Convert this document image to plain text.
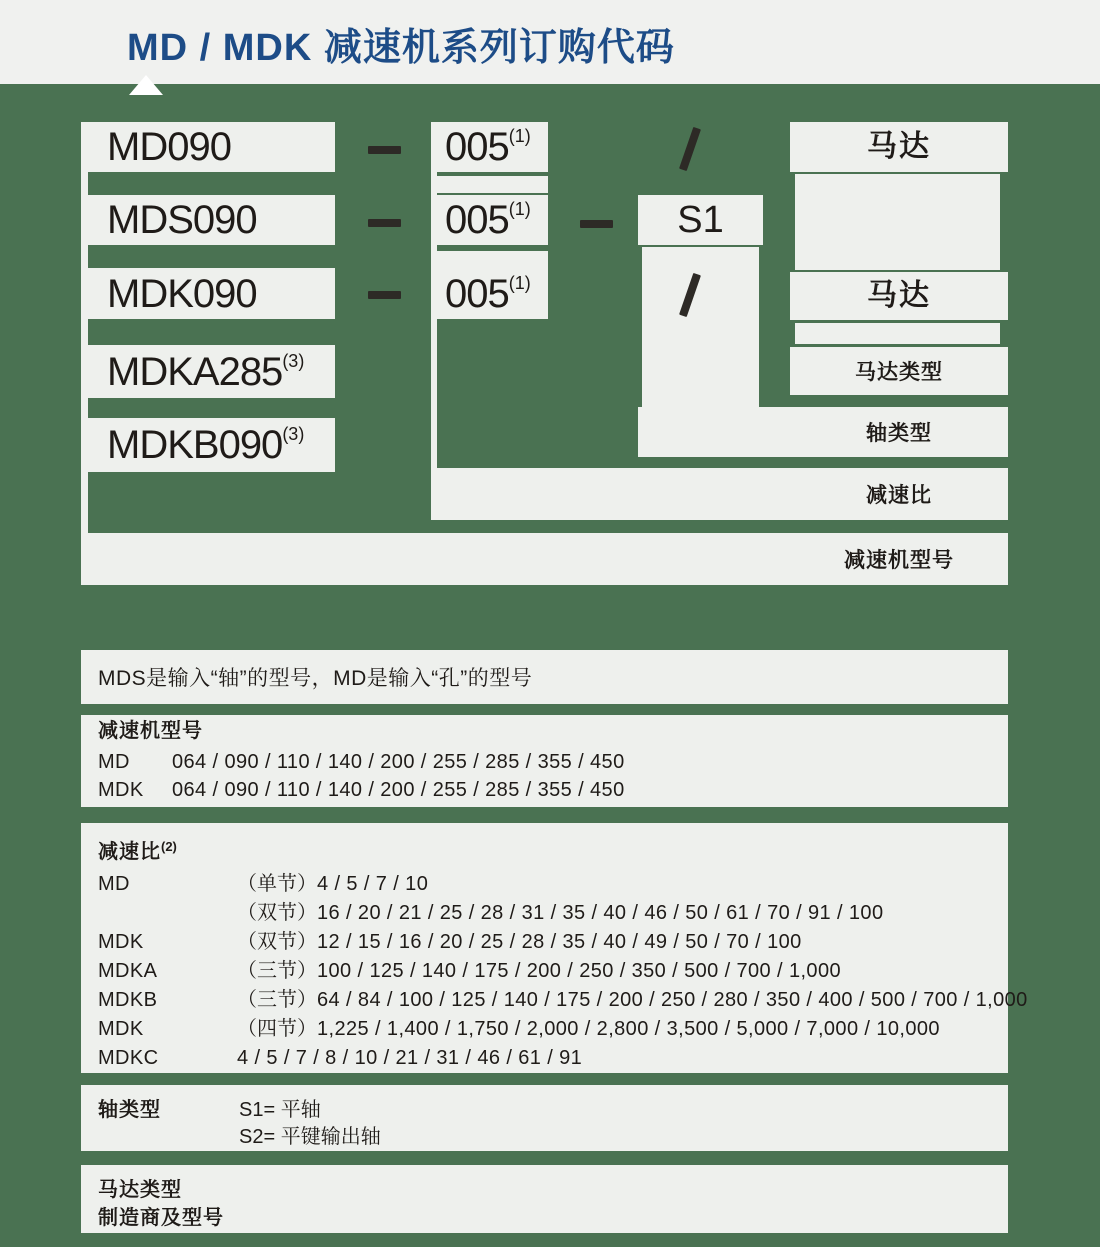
MD / MDK 减速机系列订购代码
MD090
MDS090
MDK090
MDKA285$^{(3)}$
MDKB090$^{(3)}$
005$^{(1)}$
005$^{(1)}$
005$^{(1)}$
S1
马达
马达
马达类型
轴类型
减速比
减速机型号
MDS是输入“轴”的型号，MD是输入“孔”的型号
减速机型号
MD	064 / 090 / 110 / 140 / 200 / 255 / 285 / 355 / 450
MDK	064 / 090 / 110 / 140 / 200 / 255 / 285 / 355 / 450
减速比$^{(2)}$
MD	（单节） 4 / 5 / 7 / 10
（双节） 16 / 20 / 21 / 25 / 28 / 31 / 35 / 40 / 46 / 50 / 61 / 70 / 91 / 100
MDK	（双节） 12 / 15 / 16 / 20 / 25 / 28 / 35 / 40 / 49 / 50 / 70 / 100
MDKA	（三节） 100 / 125 / 140 / 175 / 200 / 250 / 350 / 500 / 700 / 1,000
MDKB	（三节） 64 / 84 / 100 / 125 / 140 / 175 / 200 / 250 / 280 / 350 / 400 / 500 / 700 / 1,000
MDK	（四节） 1,225 / 1,400 / 1,750 / 2,000 / 2,800 / 3,500 / 5,000 / 7,000 / 10,000
MDKC	4 / 5 / 7 / 8 / 10 / 21 / 31 / 46 / 61 / 91
轴类型	S1= 平轴
S2= 平键输出轴
马达类型
制造商及型号
